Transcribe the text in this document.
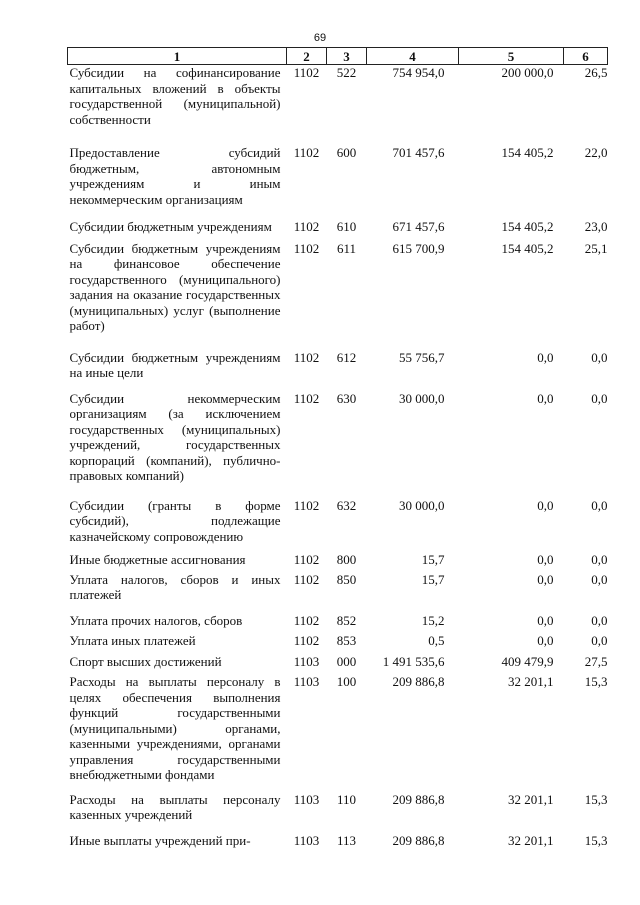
69
1	2	3	4	5	6
Субсидии на софинансирование капитальных вложений в объекты государственной (муниципальной) собственности	1102	522	754 954,0	200 000,0	26,5

Предоставление субсидий бюджетным, автономным учреждениям и иным некоммерческим организациям	1102	600	701 457,6	154 405,2	22,0

Субсидии бюджетным учреждениям	1102	610	671 457,6	154 405,2	23,0

Субсидии бюджетным учреждениям на финансовое обеспечение государственного (муниципального) задания на оказание государственных (муниципальных) услуг (выполнение работ)	1102	611	615 700,9	154 405,2	25,1

Субсидии бюджетным учреждениям на иные цели	1102	612	55 756,7	0,0	0,0

Субсидии некоммерческим организациям (за исключением государственных (муниципальных) учреждений, государственных корпораций (компаний), публично-правовых компаний)	1102	630	30 000,0	0,0	0,0

Субсидии (гранты в форме субсидий), подлежащие казначейскому сопровождению	1102	632	30 000,0	0,0	0,0

Иные бюджетные ассигнования	1102	800	15,7	0,0	0,0

Уплата налогов, сборов и иных платежей	1102	850	15,7	0,0	0,0

Уплата прочих налогов, сборов	1102	852	15,2	0,0	0,0

Уплата иных платежей	1102	853	0,5	0,0	0,0

Спорт высших достижений	1103	000	1 491 535,6	409 479,9	27,5

Расходы на выплаты персоналу в целях обеспечения выполнения функций государственными (муниципальными) органами, казенными учреждениями, органами управления государственными внебюджетными фондами	1103	100	209 886,8	32 201,1	15,3

Расходы на выплаты персоналу казенных учреждений	1103	110	209 886,8	32 201,1	15,3

Иные выплаты учреждений при-	1103	113	209 886,8	32 201,1	15,3
